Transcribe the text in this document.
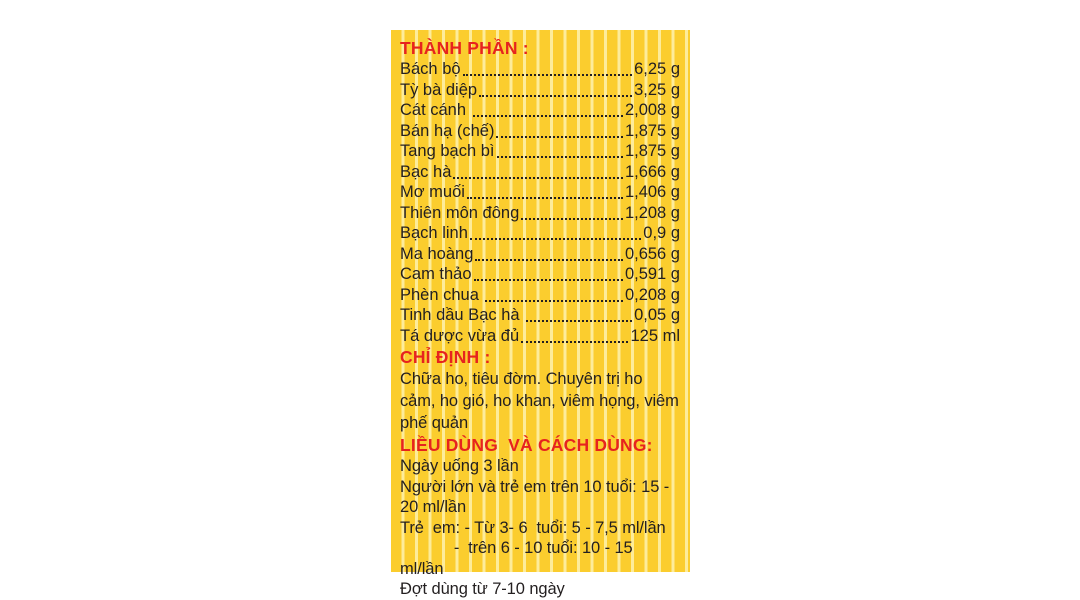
THÀNH PHẦN :
Bách bộ	6,25 g
Tỳ bà diệp	3,25 g
Cát cánh	2,008 g
Bán hạ (chế)	1,875 g
Tang bạch bì	1,875 g
Bạc hà	1,666 g
Mơ muối	1,406 g
Thiên môn đông	1,208 g
Bạch linh	0,9 g
Ma hoàng	0,656 g
Cam thảo	0,591 g
Phèn chua	0,208 g
Tinh dầu Bạc hà	0,05 g
Tá dược vừa đủ	125 ml
CHỈ ĐỊNH :
Chữa ho, tiêu đờm. Chuyên trị ho cảm, ho gió, ho khan, viêm họng, viêm phế quản
LIỀU DÙNG  VÀ CÁCH DÙNG:
Ngày uống 3 lần
Người lớn và trẻ em trên 10 tuổi: 15 - 20 ml/lần
Trẻ  em: - Từ 3- 6  tuổi: 5 - 7,5 ml/lần
-  trên 6 - 10 tuổi: 10 - 15 ml/lần
Đợt dùng từ 7-10 ngày
